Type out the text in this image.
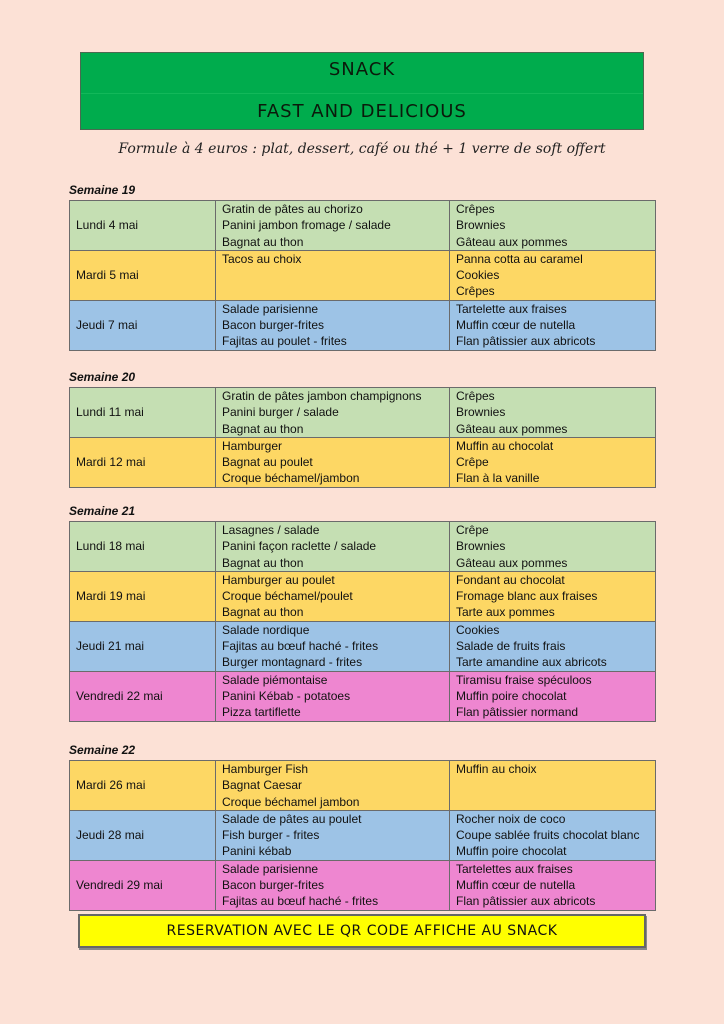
SNACK
FAST AND DELICIOUS
Formule à 4 euros : plat, dessert, café ou thé + 1 verre de soft offert
Semaine 19
Lundi 4 mai	Gratin de pâtes au chorizo
Panini jambon fromage / salade
Bagnat au thon	Crêpes
Brownies
Gâteau aux pommes

Mardi 5 mai	Tacos au choix	Panna cotta au caramel
Cookies
Crêpes

Jeudi 7 mai	Salade parisienne
Bacon burger-frites
Fajitas au poulet - frites	Tartelette aux fraises
Muffin cœur de nutella
Flan pâtissier aux abricots
Semaine 20
Lundi 11 mai	Gratin de pâtes jambon champignons
Panini burger / salade
Bagnat au thon	Crêpes
Brownies
Gâteau aux pommes

Mardi 12 mai	Hamburger
Bagnat au poulet
Croque béchamel/jambon	Muffin au chocolat
Crêpe
Flan à la vanille
Semaine 21
Lundi 18 mai	Lasagnes / salade
Panini façon raclette / salade
Bagnat au thon	Crêpe
Brownies
Gâteau aux pommes

Mardi 19 mai	Hamburger au poulet
Croque béchamel/poulet
Bagnat au thon	Fondant au chocolat
Fromage blanc aux fraises
Tarte aux pommes

Jeudi 21 mai	Salade nordique
Fajitas au bœuf haché - frites
Burger montagnard - frites	Cookies
Salade de fruits frais
Tarte amandine aux abricots

Vendredi 22 mai	Salade piémontaise
Panini Kébab - potatoes
Pizza tartiflette	Tiramisu fraise spéculoos
Muffin poire chocolat
Flan pâtissier normand
Semaine 22
Mardi 26 mai	Hamburger Fish
Bagnat Caesar
Croque béchamel jambon	Muffin au choix

Jeudi 28 mai	Salade de pâtes au poulet
Fish burger - frites
Panini kébab	Rocher noix de coco
Coupe sablée fruits chocolat blanc
Muffin poire chocolat

Vendredi 29 mai	Salade parisienne
Bacon burger-frites
Fajitas au bœuf haché - frites	Tartelettes aux fraises
Muffin cœur de nutella
Flan pâtissier aux abricots
RESERVATION AVEC LE QR CODE AFFICHE AU SNACK
